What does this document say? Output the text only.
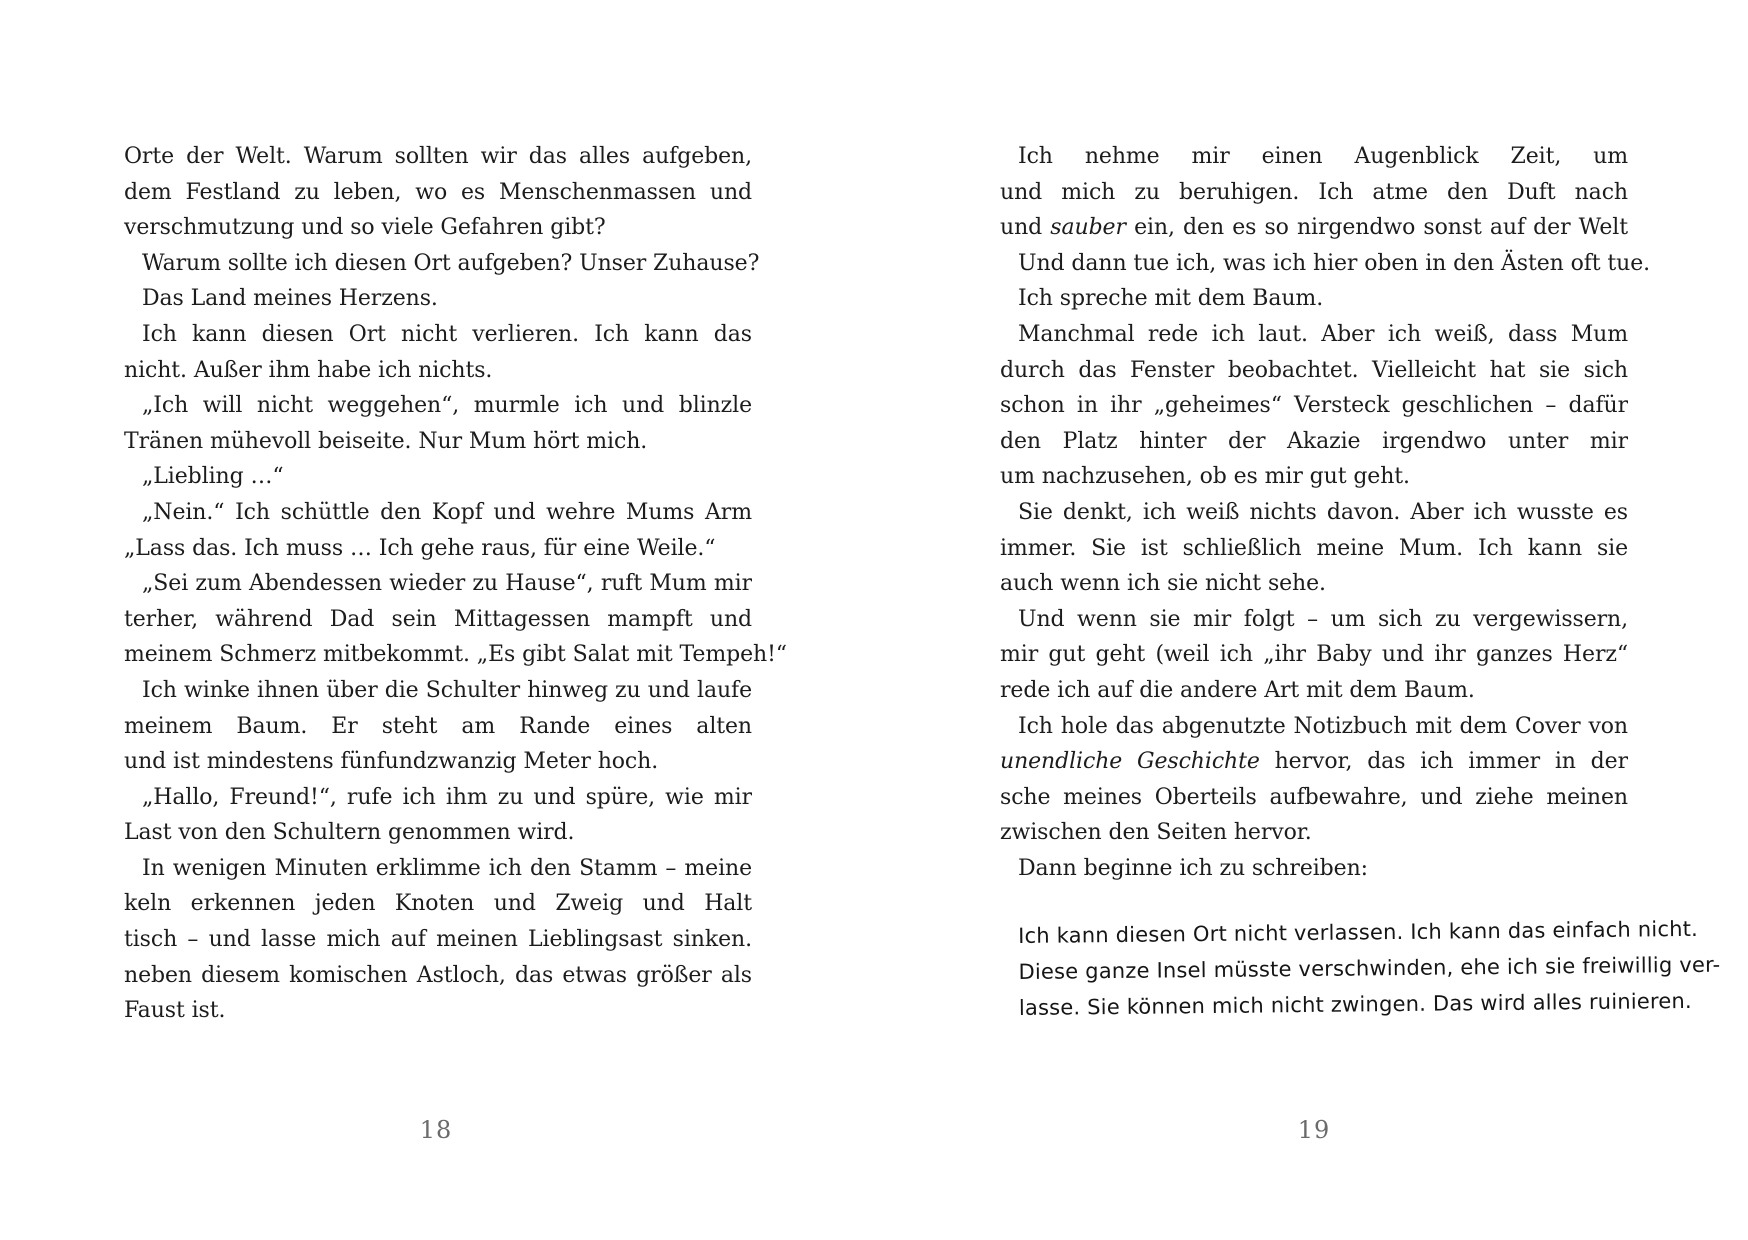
Orte der Welt. Warum sollten wir das alles aufgeben,
dem Festland zu leben, wo es Menschenmassen und
verschmutzung und so viele Gefahren gibt?
Warum sollte ich diesen Ort aufgeben? Unser Zuhause?
Das Land meines Herzens.
Ich kann diesen Ort nicht verlieren. Ich kann das
nicht. Außer ihm habe ich nichts.
„Ich will nicht weggehen“, murmle ich und blinzle
Tränen mühevoll beiseite. Nur Mum hört mich.
„Liebling …“
„Nein.“ Ich schüttle den Kopf und wehre Mums Arm
„Lass das. Ich muss … Ich gehe raus, für eine Weile.“
„Sei zum Abendessen wieder zu Hause“, ruft Mum mir
terher, während Dad sein Mittagessen mampft und
meinem Schmerz mitbekommt. „Es gibt Salat mit Tempeh!“
Ich winke ihnen über die Schulter hinweg zu und laufe
meinem Baum. Er steht am Rande eines alten
und ist mindestens fünfundzwanzig Meter hoch.
„Hallo, Freund!“, rufe ich ihm zu und spüre, wie mir
Last von den Schultern genommen wird.
In wenigen Minuten erklimme ich den Stamm – meine
keln erkennen jeden Knoten und Zweig und Halt
tisch – und lasse mich auf meinen Lieblingsast sinken.
neben diesem komischen Astloch, das etwas größer als
Faust ist.
18
Ich nehme mir einen Augenblick Zeit, um
und mich zu beruhigen. Ich atme den Duft nach
und sauber ein, den es so nirgendwo sonst auf der Welt
Und dann tue ich, was ich hier oben in den Ästen oft tue.
Ich spreche mit dem Baum.
Manchmal rede ich laut. Aber ich weiß, dass Mum
durch das Fenster beobachtet. Vielleicht hat sie sich
schon in ihr „geheimes“ Versteck geschlichen – dafür
den Platz hinter der Akazie irgendwo unter mir
um nachzusehen, ob es mir gut geht.
Sie denkt, ich weiß nichts davon. Aber ich wusste es
immer. Sie ist schließlich meine Mum. Ich kann sie
auch wenn ich sie nicht sehe.
Und wenn sie mir folgt – um sich zu vergewissern,
mir gut geht (weil ich „ihr Baby und ihr ganzes Herz“
rede ich auf die andere Art mit dem Baum.
Ich hole das abgenutzte Notizbuch mit dem Cover von
unendliche Geschichte hervor, das ich immer in der
sche meines Oberteils aufbewahre, und ziehe meinen
zwischen den Seiten hervor.
Dann beginne ich zu schreiben:
Ich kann diesen Ort nicht verlassen. Ich kann das einfach nicht.
Diese ganze Insel müsste verschwinden, ehe ich sie freiwillig ver-
lasse. Sie können mich nicht zwingen. Das wird alles ruinieren.
19
